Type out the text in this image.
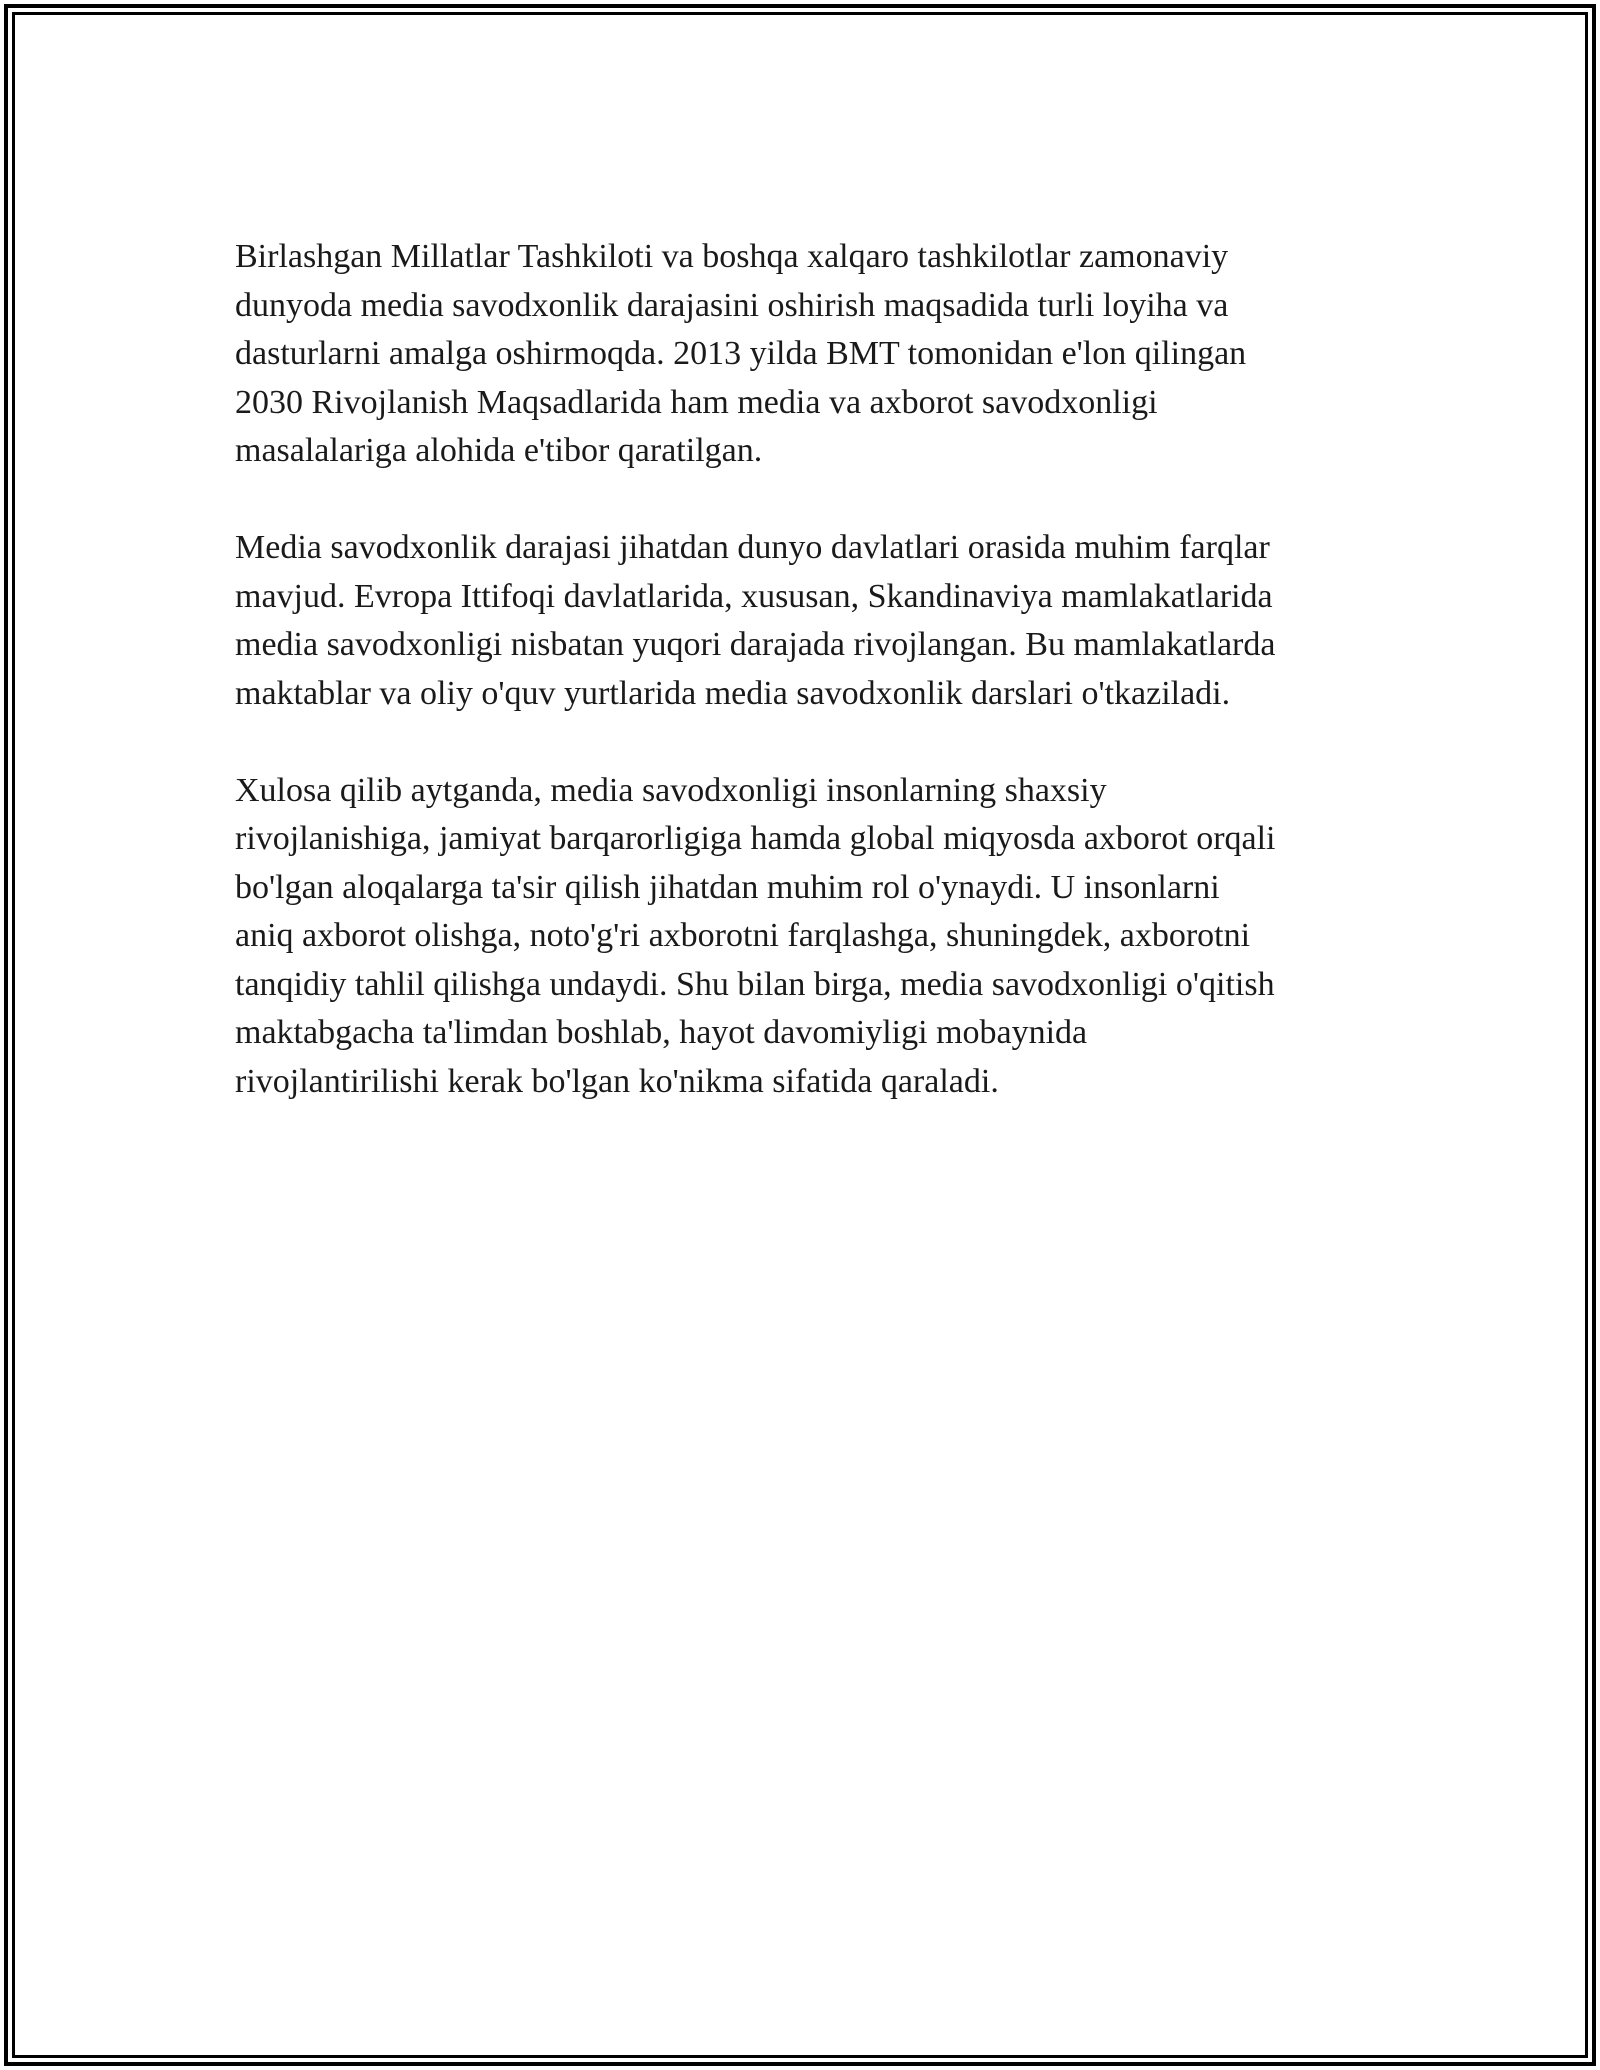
Birlashgan Millatlar Tashkiloti va boshqa xalqaro tashkilotlar zamonaviy
dunyoda media savodxonlik darajasini oshirish maqsadida turli loyiha va
dasturlarni amalga oshirmoqda. 2013 yilda BMT tomonidan e'lon qilingan
2030 Rivojlanish Maqsadlarida ham media va axborot savodxonligi
masalalariga alohida e'tibor qaratilgan.

Media savodxonlik darajasi jihatdan dunyo davlatlari orasida muhim farqlar
mavjud. Evropa Ittifoqi davlatlarida, xususan, Skandinaviya mamlakatlarida
media savodxonligi nisbatan yuqori darajada rivojlangan. Bu mamlakatlarda
maktablar va oliy o'quv yurtlarida media savodxonlik darslari o'tkaziladi.

Xulosa qilib aytganda, media savodxonligi insonlarning shaxsiy
rivojlanishiga, jamiyat barqarorligiga hamda global miqyosda axborot orqali
bo'lgan aloqalarga ta'sir qilish jihatdan muhim rol o'ynaydi. U insonlarni
aniq axborot olishga, noto'g'ri axborotni farqlashga, shuningdek, axborotni
tanqidiy tahlil qilishga undaydi. Shu bilan birga, media savodxonligi o'qitish
maktabgacha ta'limdan boshlab, hayot davomiyligi mobaynida
rivojlantirilishi kerak bo'lgan ko'nikma sifatida qaraladi.
